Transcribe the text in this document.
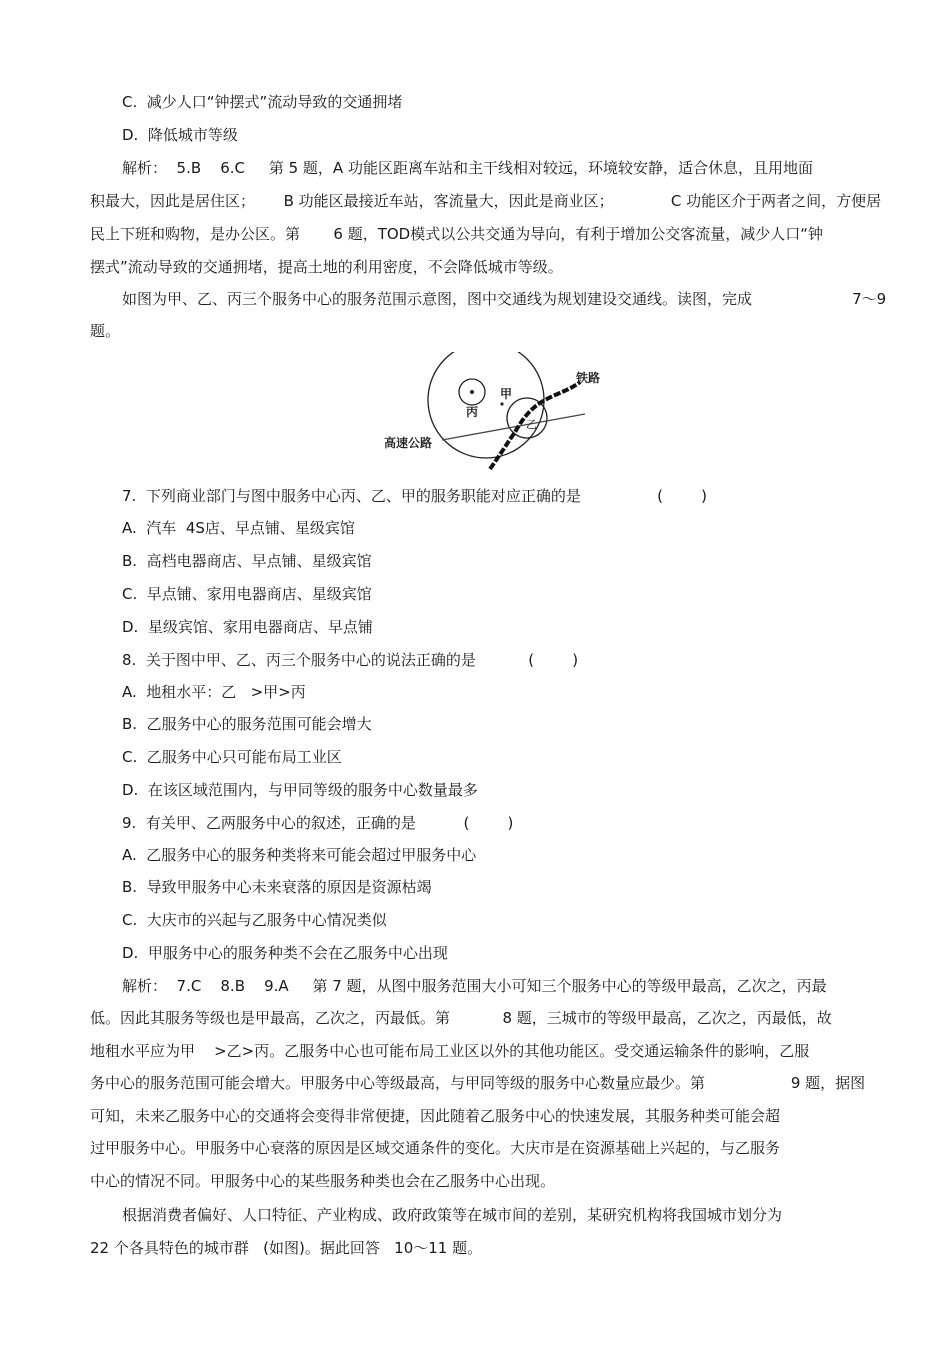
C.  减少人口“钟摆式”流动导致的交通拥堵
D.  降低城市等级
解析：  5.B    6.C     第 5 题，A 功能区距离车站和主干线相对较远，环境较安静，适合休息，且用地面
积最大，因此是居住区；      B 功能区最接近车站，客流量大，因此是商业区；            C 功能区介于两者之间，方便居
民上下班和购物，是办公区。第       6 题，TOD模式以公共交通为导向，有利于增加公交客流量，减少人口“钟
摆式”流动导致的交通拥堵，提高土地的利用密度，不会降低城市等级。
如图为甲、乙、丙三个服务中心的服务范围示意图，图中交通线为规划建设交通线。读图，完成                     7～9
题。
甲
丙
乙
铁路
高速公路
7.  下列商业部门与图中服务中心丙、乙、甲的服务职能对应正确的是                (        )
A.  汽车  4S店、早点铺、星级宾馆
B.  高档电器商店、早点铺、星级宾馆
C.  早点铺、家用电器商店、星级宾馆
D.  星级宾馆、家用电器商店、早点铺
8.  关于图中甲、乙、丙三个服务中心的说法正确的是           (        )
A.  地租水平：乙   >甲>丙
B.  乙服务中心的服务范围可能会增大
C.  乙服务中心只可能布局工业区
D.  在该区域范围内，与甲同等级的服务中心数量最多
9.  有关甲、乙两服务中心的叙述，正确的是          (        )
A.  乙服务中心的服务种类将来可能会超过甲服务中心
B.  导致甲服务中心未来衰落的原因是资源枯竭
C.  大庆市的兴起与乙服务中心情况类似
D.  甲服务中心的服务种类不会在乙服务中心出现
解析：  7.C    8.B    9.A     第 7 题，从图中服务范围大小可知三个服务中心的等级甲最高，乙次之，丙最
低。因此其服务等级也是甲最高，乙次之，丙最低。第           8 题，三城市的等级甲最高，乙次之，丙最低，故
地租水平应为甲    >乙>丙。乙服务中心也可能布局工业区以外的其他功能区。受交通运输条件的影响，乙服
务中心的服务范围可能会增大。甲服务中心等级最高，与甲同等级的服务中心数量应最少。第                  9 题，据图
可知，未来乙服务中心的交通将会变得非常便捷，因此随着乙服务中心的快速发展，其服务种类可能会超
过甲服务中心。甲服务中心衰落的原因是区域交通条件的变化。大庆市是在资源基础上兴起的，与乙服务
中心的情况不同。甲服务中心的某些服务种类也会在乙服务中心出现。
根据消费者偏好、人口特征、产业构成、政府政策等在城市间的差别，某研究机构将我国城市划分为
22 个各具特色的城市群   (如图)。据此回答   10～11 题。
